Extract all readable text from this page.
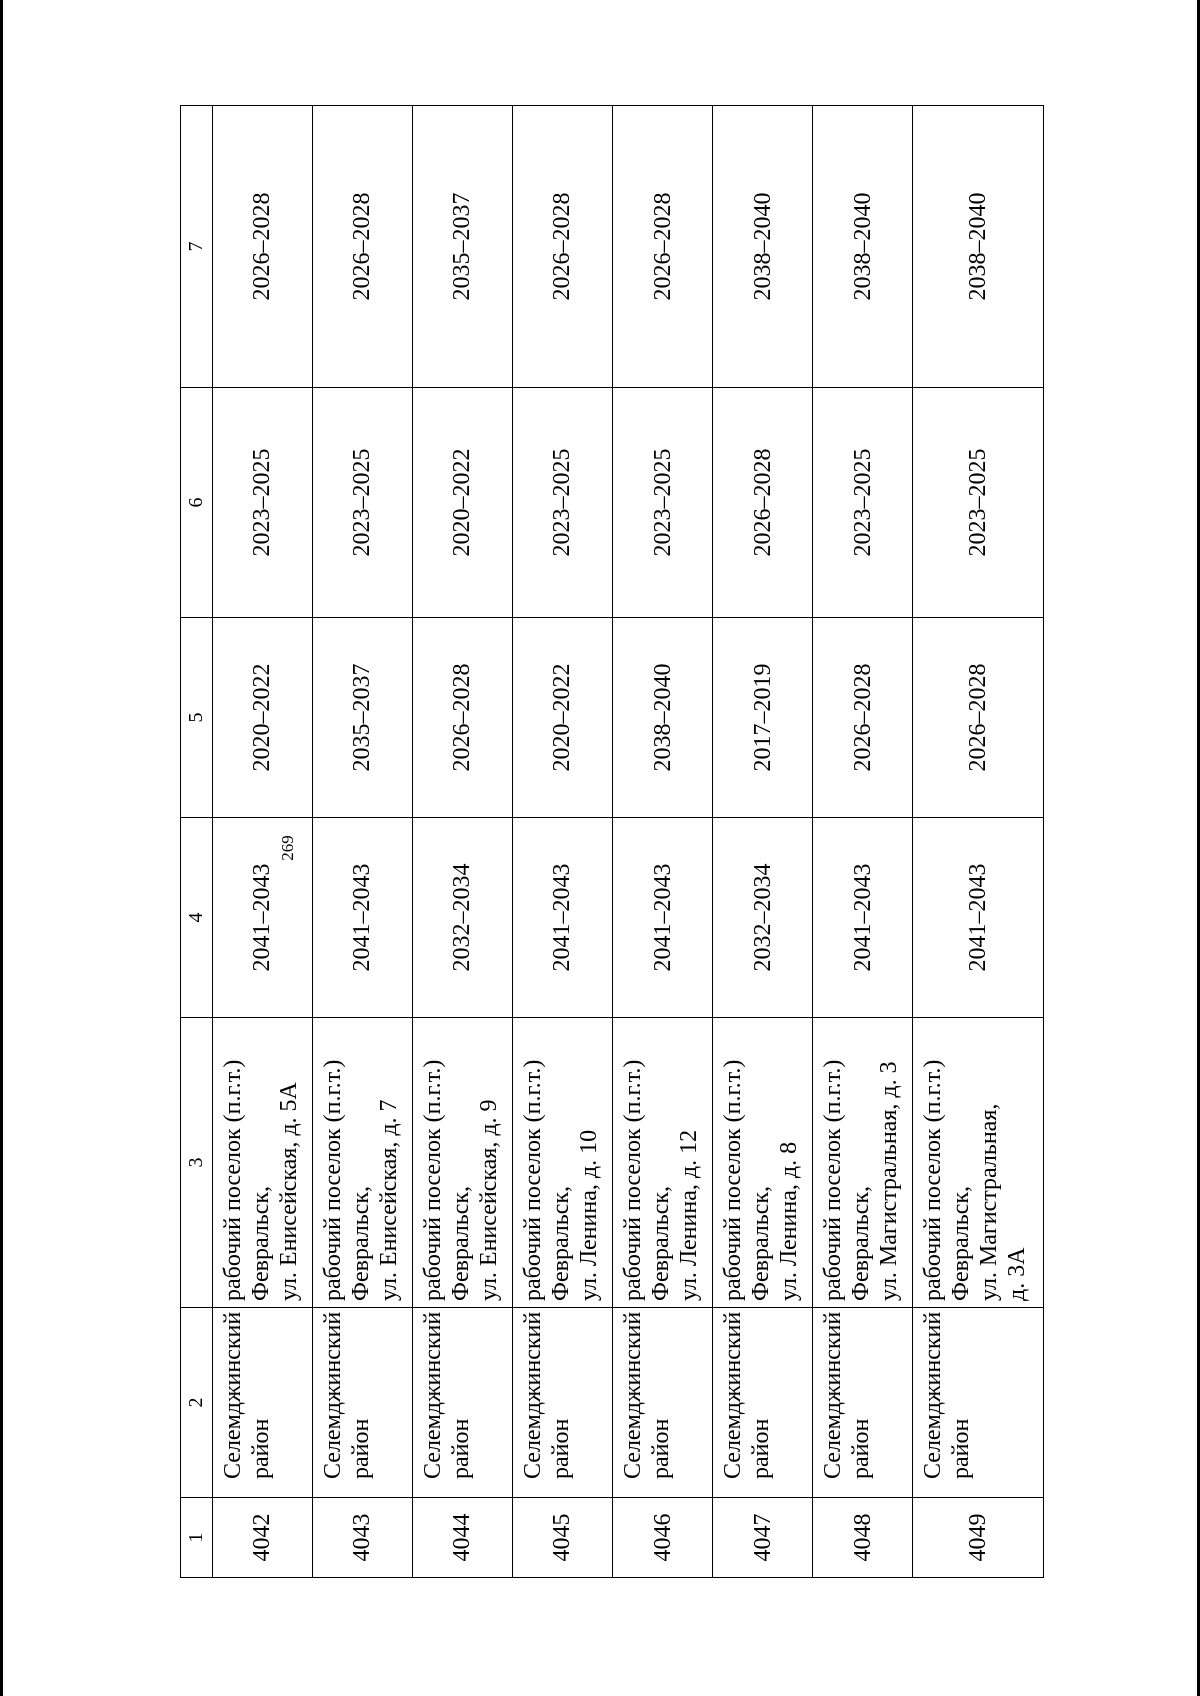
269
1	2	3	4	5	6	7
4042	Селемджинский район	рабочий поселок (п.г.т.) Февральск, ул. Енисейская, д. 5А	2041–2043	2020–2022	2023–2025	2026–2028
4043	Селемджинский район	рабочий поселок (п.г.т.) Февральск, ул. Енисейская, д. 7	2041–2043	2035–2037	2023–2025	2026–2028
4044	Селемджинский район	рабочий поселок (п.г.т.) Февральск, ул. Енисейская, д. 9	2032–2034	2026–2028	2020–2022	2035–2037
4045	Селемджинский район	рабочий поселок (п.г.т.) Февральск, ул. Ленина, д. 10	2041–2043	2020–2022	2023–2025	2026–2028
4046	Селемджинский район	рабочий поселок (п.г.т.) Февральск, ул. Ленина, д. 12	2041–2043	2038–2040	2023–2025	2026–2028
4047	Селемджинский район	рабочий поселок (п.г.т.) Февральск, ул. Ленина, д. 8	2032–2034	2017–2019	2026–2028	2038–2040
4048	Селемджинский район	рабочий поселок (п.г.т.) Февральск, ул. Магистральная, д. 3	2041–2043	2026–2028	2023–2025	2038–2040
4049	Селемджинский район	рабочий поселок (п.г.т.) Февральск, ул. Магистральная, д. 3А	2041–2043	2026–2028	2023–2025	2038–2040
